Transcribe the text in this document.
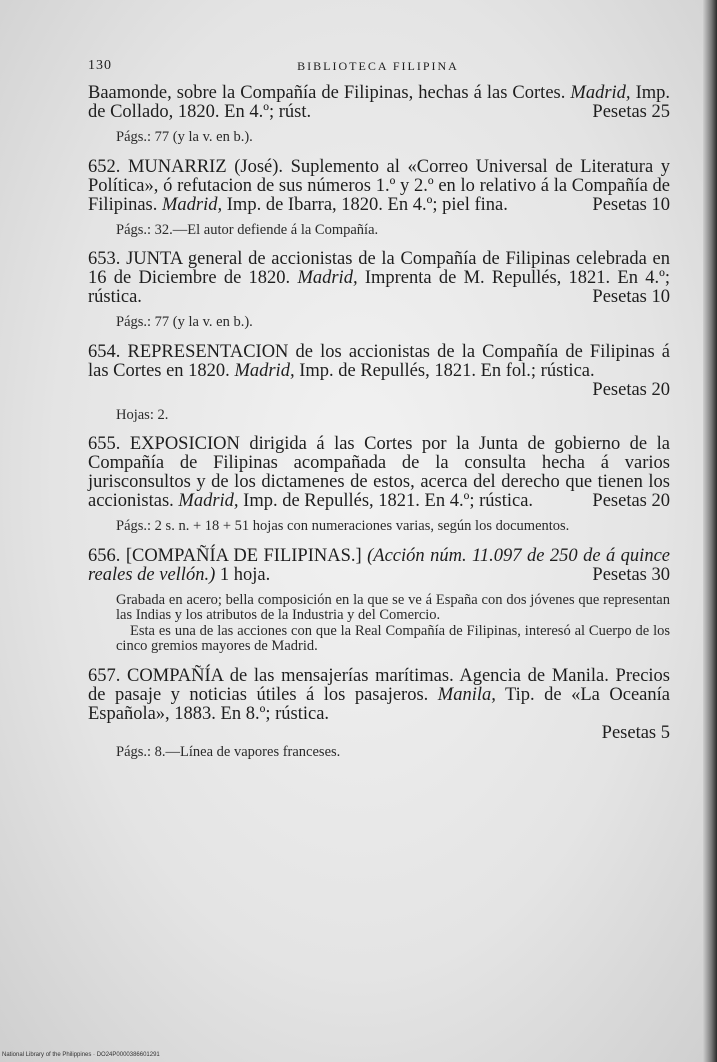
130	BIBLIOTECA FILIPINA

Baamonde, sobre la Compañía de Filipinas, hechas á las Cortes. Madrid, Imp. de Collado, 1820. En 4.º; rúst.	Pesetas 25

Págs.: 77 (y la v. en b.).

652. MUNARRIZ (José). Suplemento al «Correo Universal de Literatura y Política», ó refutacion de sus números 1.º y 2.º en lo relativo á la Compañía de Filipinas. Madrid, Imp. de Ibarra, 1820. En 4.º; piel fina.	Pesetas 10

Págs.: 32.—El autor defiende á la Compañía.

653. JUNTA general de accionistas de la Compañía de Filipinas celebrada en 16 de Diciembre de 1820. Madrid, Imprenta de M. Repullés, 1821. En 4.º; rústica.	Pesetas 10

Págs.: 77 (y la v. en b.).

654. REPRESENTACION de los accionistas de la Compañía de Filipinas á las Cortes en 1820. Madrid, Imp. de Repullés, 1821. En fol.; rústica.
Pesetas 20

Hojas: 2.

655. EXPOSICION dirigida á las Cortes por la Junta de gobierno de la Compañía de Filipinas acompañada de la consulta hecha á varios jurisconsultos y de los dictamenes de estos, acerca del derecho que tienen los accionistas. Madrid, Imp. de Repullés, 1821. En 4.º; rústica.	Pesetas 20

Págs.: 2 s. n. + 18 + 51 hojas con numeraciones varias, según los documentos.

656. [COMPAÑÍA DE FILIPINAS.] (Acción núm. 11.097 de 250 de á quince reales de vellón.) 1 hoja.	Pesetas 30

Grabada en acero; bella composición en la que se ve á España con dos jóvenes que representan las Indias y los atributos de la Industria y del Comercio.

Esta es una de las acciones con que la Real Compañía de Filipinas, interesó al Cuerpo de los cinco gremios mayores de Madrid.

657. COMPAÑÍA de las mensajerías marítimas. Agencia de Manila. Precios de pasaje y noticias útiles á los pasajeros. Manila, Tip. de «La Oceanía Española», 1883. En 8.º; rústica.
Pesetas 5

Págs.: 8.—Línea de vapores franceses.

National Library of the Philippines · DO24P0000386601291
